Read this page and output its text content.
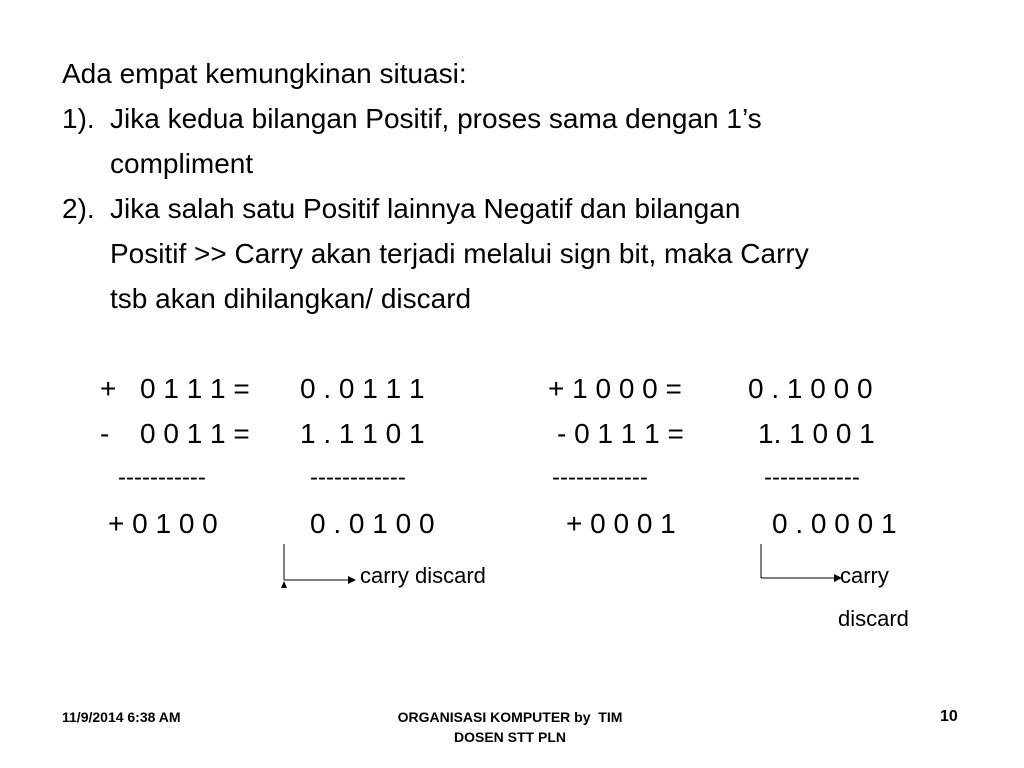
Ada empat kemungkinan situasi:
1). Jika kedua bilangan Positif, proses sama dengan 1’s
compliment
2). Jika salah satu Positif lainnya Negatif dan bilangan
Positif >> Carry akan terjadi melalui sign bit, maka Carry
tsb akan dihilangkan/ discard
+ 0 1 1 1 = 0 . 0 1 1 1
- 0 0 1 1 = 1 . 1 1 0 1
-----------	------------
+ 0 1 0 0	0 . 0 1 0 0
carry discard
+ 1 0 0 0 = 0 . 1 0 0 0
- 0 1 1 1 =	1. 1 0 0 1
------------	------------
+ 0 0 0 1	0 . 0 0 0 1
carry
discard
11/9/2014 6:38 AM	ORGANISASI KOMPUTER by  TIM
DOSEN STT PLN
10
